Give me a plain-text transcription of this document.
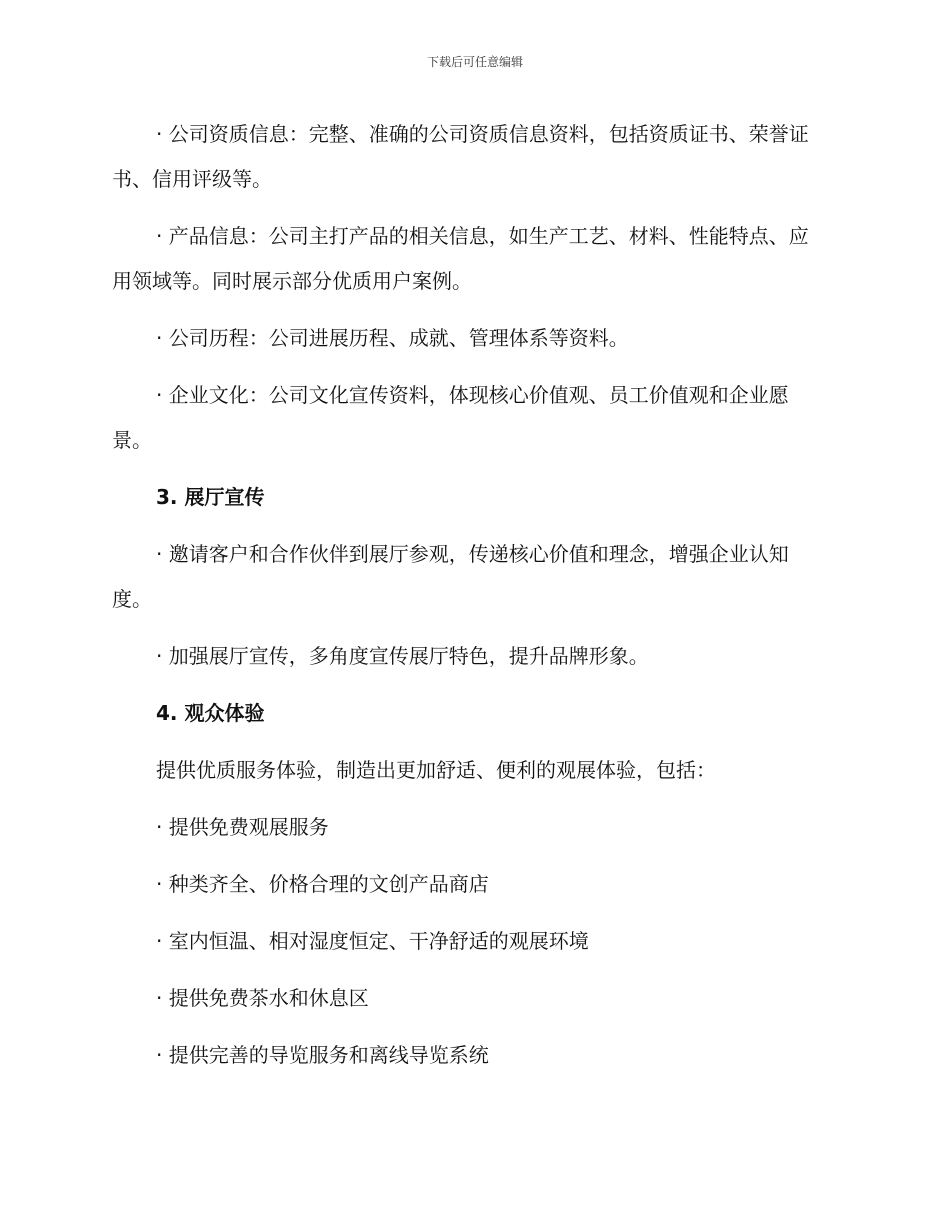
下载后可任意编辑

· 公司资质信息：完整、准确的公司资质信息资料，包括资质证书、荣誉证书、信用评级等。

· 产品信息：公司主打产品的相关信息，如生产工艺、材料、性能特点、应用领域等。同时展示部分优质用户案例。

· 公司历程：公司进展历程、成就、管理体系等资料。

· 企业文化：公司文化宣传资料，体现核心价值观、员工价值观和企业愿景。

3. 展厅宣传

· 邀请客户和合作伙伴到展厅参观，传递核心价值和理念，增强企业认知度。

· 加强展厅宣传，多角度宣传展厅特色，提升品牌形象。

4. 观众体验

提供优质服务体验，制造出更加舒适、便利的观展体验，包括：

· 提供免费观展服务

· 种类齐全、价格合理的文创产品商店

· 室内恒温、相对湿度恒定、干净舒适的观展环境

· 提供免费茶水和休息区

· 提供完善的导览服务和离线导览系统
